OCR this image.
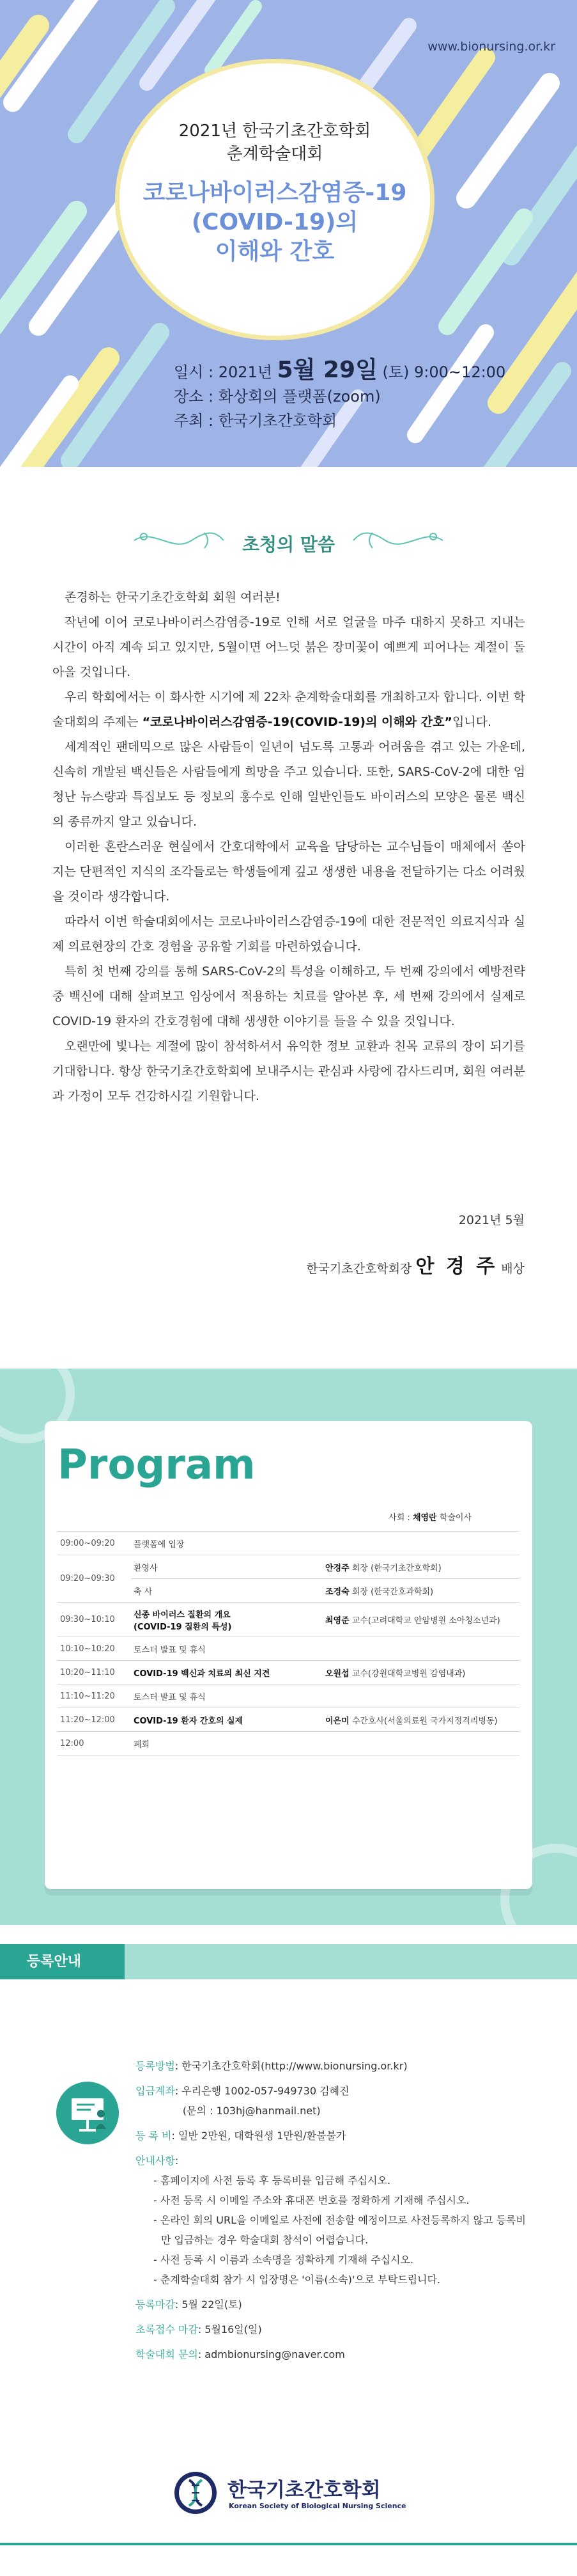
www.bionursing.or.kr
2021년 한국기초간호학회
춘계학술대회
코로나바이러스감염증-19
(COVID-19)의
이해와 간호
일시 : 2021년 5월 29일 (토) 9:00~12:00
장소 : 화상회의 플랫폼(zoom)
주최 : 한국기초간호학회
초청의 말씀

존경하는 한국기초간호학회 회원 여러분!

작년에 이어 코로나바이러스감염증-19로 인해 서로 얼굴을 마주 대하지 못하고 지내는 시간이 아직 계속 되고 있지만, 5월이면 어느덧 붉은 장미꽃이 예쁘게 피어나는 계절이 돌아올 것입니다.

우리 학회에서는 이 화사한 시기에 제 22차 춘계학술대회를 개최하고자 합니다. 이번 학술대회의 주제는 “코로나바이러스감염증-19(COVID-19)의 이해와 간호”입니다.

세계적인 팬데믹으로 많은 사람들이 일년이 넘도록 고통과 어려움을 겪고 있는 가운데, 신속히 개발된 백신들은 사람들에게 희망을 주고 있습니다. 또한, SARS-CoV-2에 대한 엄청난 뉴스량과 특집보도 등 정보의 홍수로 인해 일반인들도 바이러스의 모양은 물론 백신의 종류까지 알고 있습니다.

이러한 혼란스러운 현실에서 간호대학에서 교육을 담당하는 교수님들이 매체에서 쏟아지는 단편적인 지식의 조각들로는 학생들에게 깊고 생생한 내용을 전달하기는 다소 어려웠을 것이라 생각합니다.

따라서 이번 학술대회에서는 코로나바이러스감염증-19에 대한 전문적인 의료지식과 실제 의료현장의 간호 경험을 공유할 기회를 마련하였습니다.

특히 첫 번째 강의를 통해 SARS-CoV-2의 특성을 이해하고, 두 번째 강의에서 예방전략 중 백신에 대해 살펴보고 임상에서 적용하는 치료를 알아본 후, 세 번째 강의에서 실제로 COVID-19 환자의 간호경험에 대해 생생한 이야기를 들을 수 있을 것입니다.

오랜만에 빛나는 계절에 많이 참석하셔서 유익한 정보 교환과 친목 교류의 장이 되기를 기대합니다. 항상 한국기초간호학회에 보내주시는 관심과 사랑에 감사드리며, 회원 여러분과 가정이 모두 건강하시길 기원합니다.

2021년 5월
한국기초간호학회장 안 경 주 배상
Program
사회 : 채영란 학술이사
09:00~09:20	플랫폼에 입장	
09:20~09:30	환영사	안경주 회장 (한국기초간호학회)
	축 사	조경숙 회장 (한국간호과학회)
09:30~10:10	신종 바이러스 질환의 개요
(COVID-19 질환의 특성)	최영준 교수(고려대학교 안암병원 소아청소년과)
10:10~10:20	토스터 발표 및 휴식	
10:20~11:10	COVID-19 백신과 치료의 최신 지견	오원섭 교수(강원대학교병원 감염내과)
11:10~11:20	토스터 발표 및 휴식	
11:20~12:00	COVID-19 환자 간호의 실제	이은미 수간호사(서울의료원 국가지정격리병동)
12:00	폐회	
등록안내
등록방법 : 한국기초간호학회(http://www.bionursing.or.kr)
입금계좌 : 우리은행 1002-057-949730 김혜진
(문의 : 103hj@hanmail.net)
등 록 비 : 일반 2만원, 대학원생 1만원/환불불가
안내사항 :
- 홈페이지에 사전 등록 후 등록비를 입금해 주십시오.
- 사전 등록 시 이메일 주소와 휴대폰 번호를 정확하게 기재해 주십시오.
- 온라인 회의 URL을 이메일로 사전에 전송할 예정이므로 사전등록하지 않고 등록비만 입금하는 경우 학술대회 참석이 어렵습니다.
- 사전 등록 시 이름과 소속명을 정확하게 기재해 주십시오.
- 춘계학술대회 참가 시 입장명은 '이름(소속)'으로 부탁드립니다.
등록마감 : 5월 22일(토)
초록접수 마감 : 5월16일(일)
학술대회 문의 : admbionursing@naver.com
한국기초간호학회
Korean Society of Biological Nursing Science
